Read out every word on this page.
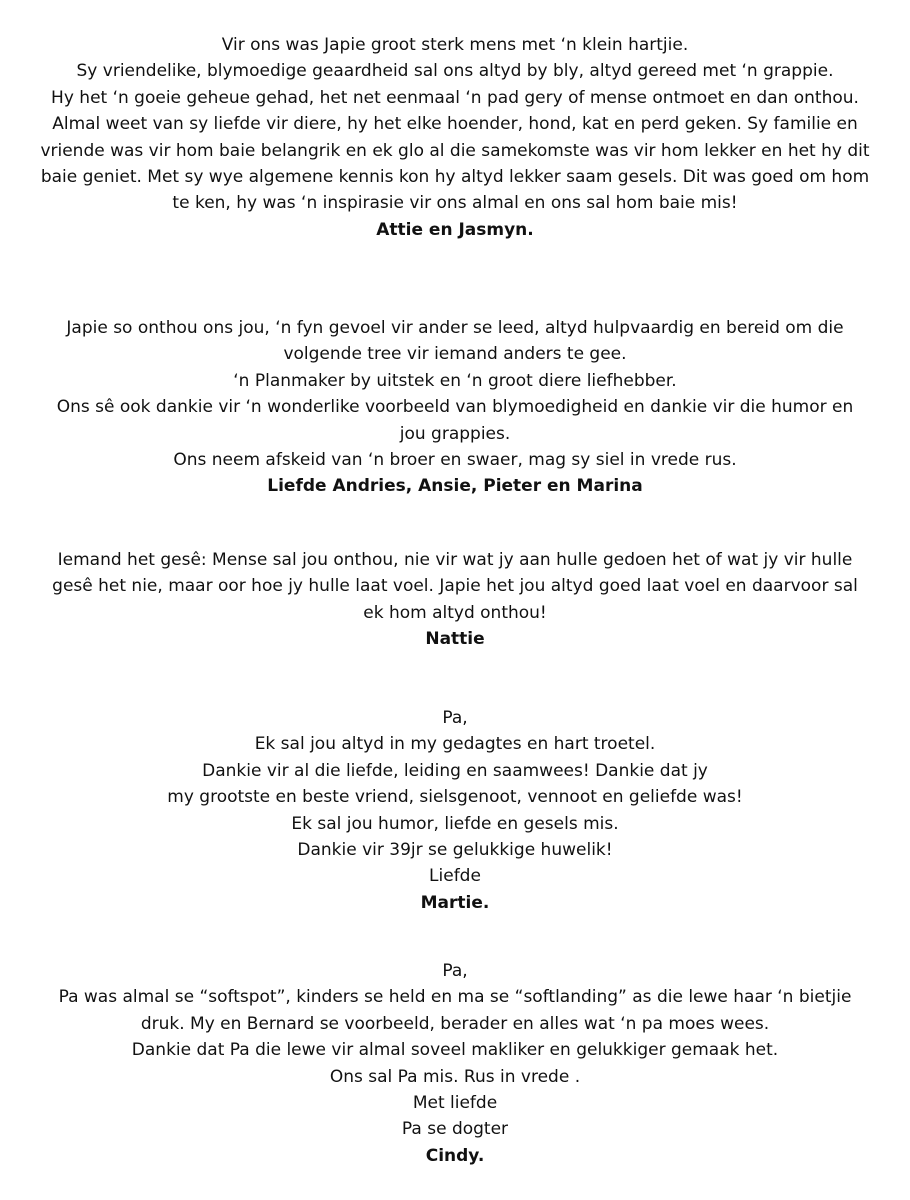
Vir ons was Japie groot sterk mens met ‘n klein hartjie.
Sy vriendelike, blymoedige geaardheid sal ons altyd by bly, altyd gereed met ‘n grappie.
Hy het ‘n goeie geheue gehad, het net eenmaal ‘n pad gery of mense ontmoet en dan onthou.
Almal weet van sy liefde vir diere, hy het elke hoender, hond, kat en perd geken. Sy familie en
vriende was vir hom baie belangrik en ek glo al die samekomste was vir hom lekker en het hy dit
baie geniet. Met sy wye algemene kennis kon hy altyd lekker saam gesels. Dit was goed om hom
te ken, hy was ‘n inspirasie vir ons almal en ons sal hom baie mis!
Attie en Jasmyn.
Japie so onthou ons jou, ‘n fyn gevoel vir ander se leed, altyd hulpvaardig en bereid om die
volgende tree vir iemand anders te gee.
‘n Planmaker by uitstek en ‘n groot diere liefhebber.
Ons sê ook dankie vir ‘n wonderlike voorbeeld van blymoedigheid en dankie vir die humor en
jou grappies.
Ons neem afskeid van ‘n broer en swaer, mag sy siel in vrede rus.
Liefde Andries, Ansie, Pieter en Marina
Iemand het gesê: Mense sal jou onthou, nie vir wat jy aan hulle gedoen het of wat jy vir hulle
gesê het nie, maar oor hoe jy hulle laat voel. Japie het jou altyd goed laat voel en daarvoor sal
ek hom altyd onthou!
Nattie
Pa,
Ek sal jou altyd in my gedagtes en hart troetel.
Dankie vir al die liefde, leiding en saamwees! Dankie dat jy
my grootste en beste vriend, sielsgenoot, vennoot en geliefde was!
Ek sal jou humor, liefde en gesels mis.
Dankie vir 39jr se gelukkige huwelik!
Liefde
Martie.
Pa,
Pa was almal se “softspot”, kinders se held en ma se “softlanding” as die lewe haar ‘n bietjie
druk. My en Bernard se voorbeeld, berader en alles wat ‘n pa moes wees.
Dankie dat Pa die lewe vir almal soveel makliker en gelukkiger gemaak het.
Ons sal Pa mis. Rus in vrede .
Met liefde
Pa se dogter
Cindy.
